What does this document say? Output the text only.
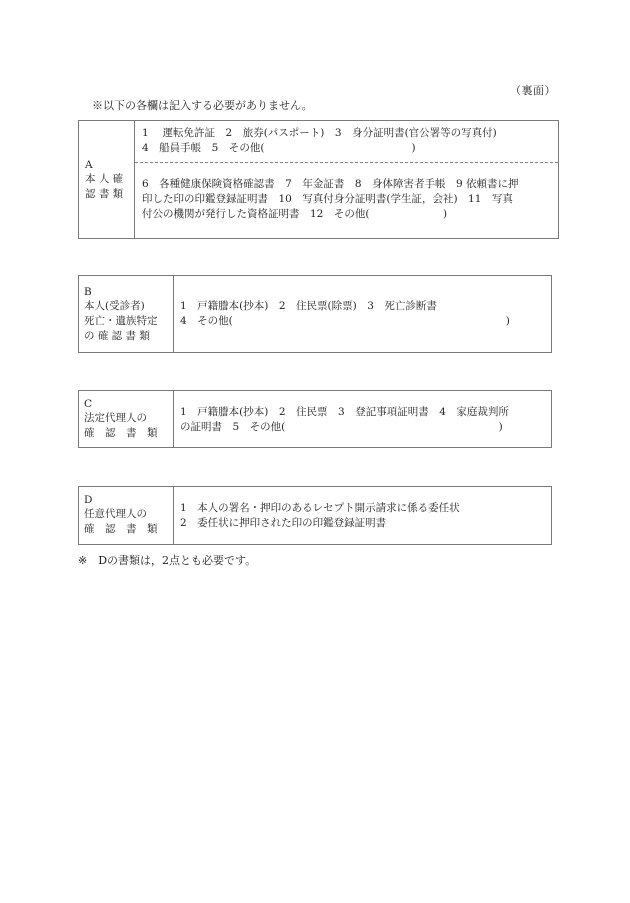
（裏面）
※以下の各欄は記入する必要がありません。
A
本 人 確
認 書 類
1　 運転免許証　2　旅券(パスポート)　3　身分証明書(官公署等の写真付)
4　船員手帳　5　その他(　　　　　　　　　　　　　　)
6　各種健康保険資格確認書　7　年金証書　8　身体障害者手帳　9 依頼書に押
印した印の印鑑登録証明書　10　写真付身分証明書(学生証，会社)　11　写真
付公の機関が発行した資格証明書　12　その他(　　　　　　　)
B
本人(受診者)
死亡・遺族特定
の 確 認 書 類
1　戸籍謄本(抄本)　2　住民票(除票)　3　死亡診断書
4　その他(　　　　　　　　　　　　　　　　　　　　　　　　　　)
C
法定代理人の
確　認　書　類
1　戸籍謄本(抄本)　2　住民票　3　登記事項証明書　4　家庭裁判所
の証明書　5　その他(　　　　　　　　　　　　　　　　　　　　 )
D
任意代理人の
確　認　書　類
1　本人の署名・押印のあるレセプト開示請求に係る委任状
2　委任状に押印された印の印鑑登録証明書
※　Dの書類は，2点とも必要です。
